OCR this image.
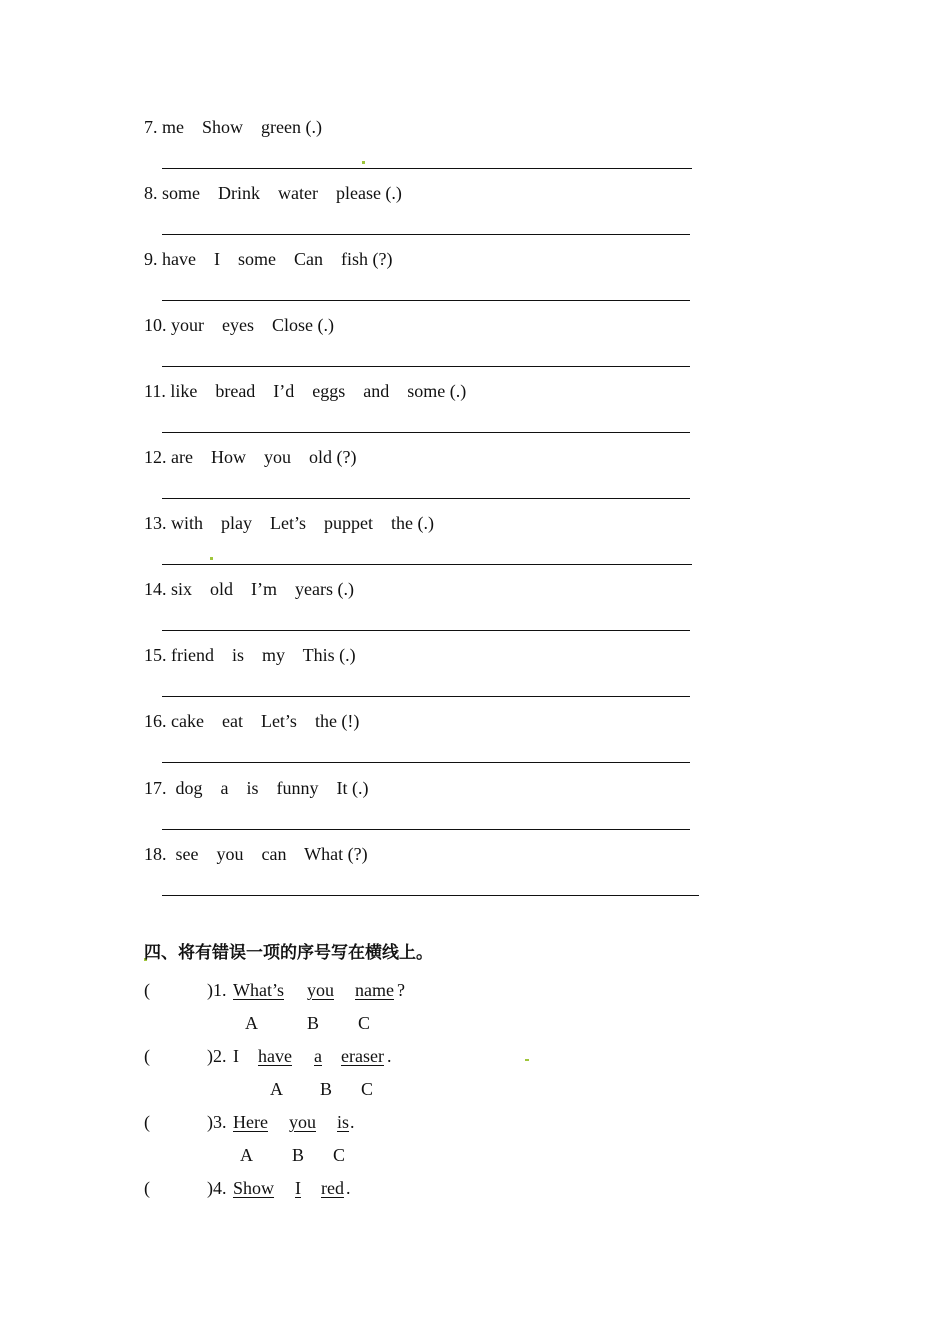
7. me    Show    green (.)
8. some    Drink    water    please (.)
9. have    I    some    Can    fish (?)
10. your    eyes    Close (.)
11. like    bread    I’d    eggs    and    some (.)
12. are    How    you    old (?)
13. with    play    Let’s    puppet    the (.)
14. six    old    I’m    years (.)
15. friend    is    my    This (.)
16. cake    eat    Let’s    the (!)
17.  dog    a    is    funny    It (.)
18.  see    you    can    What (?)
四、将有错误一项的序号写在横线上。
(	)1. What’s you name ?
A	B C
(	)2. I have a eraser .
A B C
(	)3. Here you is .
A B C
(	)4. Show I red .
